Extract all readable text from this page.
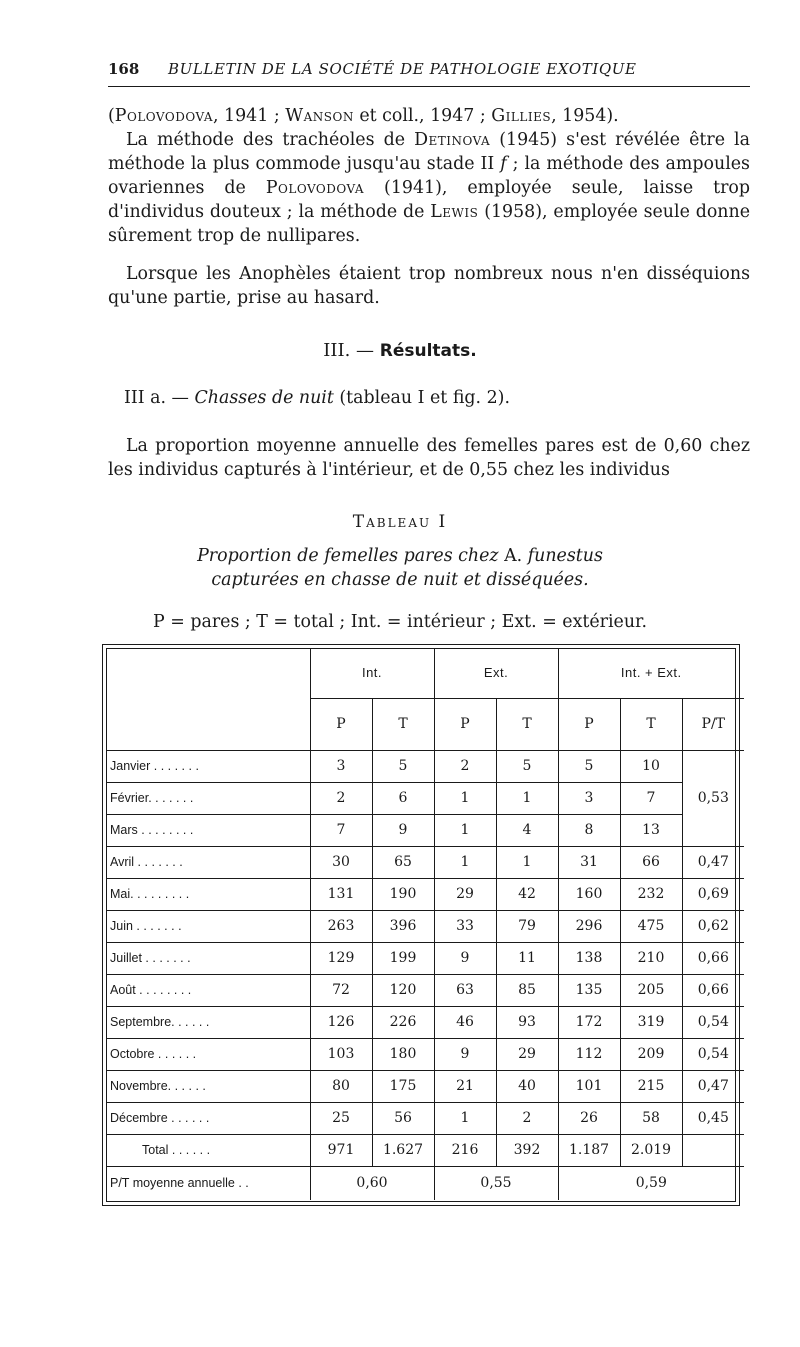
168 BULLETIN DE LA SOCIÉTÉ DE PATHOLOGIE EXOTIQUE

(Polovodova, 1941 ; Wanson et coll., 1947 ; Gillies, 1954).

La méthode des trachéoles de Detinova (1945) s'est révélée être la méthode la plus commode jusqu'au stade II f ; la méthode des ampoules ovariennes de Polovodova (1941), employée seule, laisse trop d'individus douteux ; la méthode de Lewis (1958), employée seule donne sûrement trop de nullipares.

Lorsque les Anophèles étaient trop nombreux nous n'en disséquions qu'une partie, prise au hasard.

III. — Résultats.
III a. — Chasses de nuit (tableau I et fig. 2).

La proportion moyenne annuelle des femelles pares est de 0,60 chez les individus capturés à l'intérieur, et de 0,55 chez les individus

Tableau I
Proportion de femelles pares chez A. funestus
capturées en chasse de nuit et disséquées.
P = pares ; T = total ; Int. = intérieur ; Ext. = extérieur.
	Int.		Ext.		Int. + Ext.		
	P	T	P	T	P	T	P/T
Janvier . . . . . . .	3	5	2	5	5	10	0,53
Février. . . . . . .	2	6	1	1	3	7	
Mars . . . . . . . .	7	9	1	4	8	13	
Avril . . . . . . .	30	65	1	1	31	66	0,47
Mai. . . . . . . . .	131	190	29	42	160	232	0,69
Juin . . . . . . .	263	396	33	79	296	475	0,62
Juillet . . . . . . .	129	199	9	11	138	210	0,66
Août . . . . . . . .	72	120	63	85	135	205	0,66
Septembre. . . . . .	126	226	46	93	172	319	0,54
Octobre . . . . . .	103	180	9	29	112	209	0,54
Novembre. . . . . .	80	175	21	40	101	215	0,47
Décembre . . . . . .	25	56	1	2	26	58	0,45
Total . . . . . .	971	1.627	216	392	1.187	2.019	
P/T moyenne annuelle . .	0,60		0,55		0,59		
